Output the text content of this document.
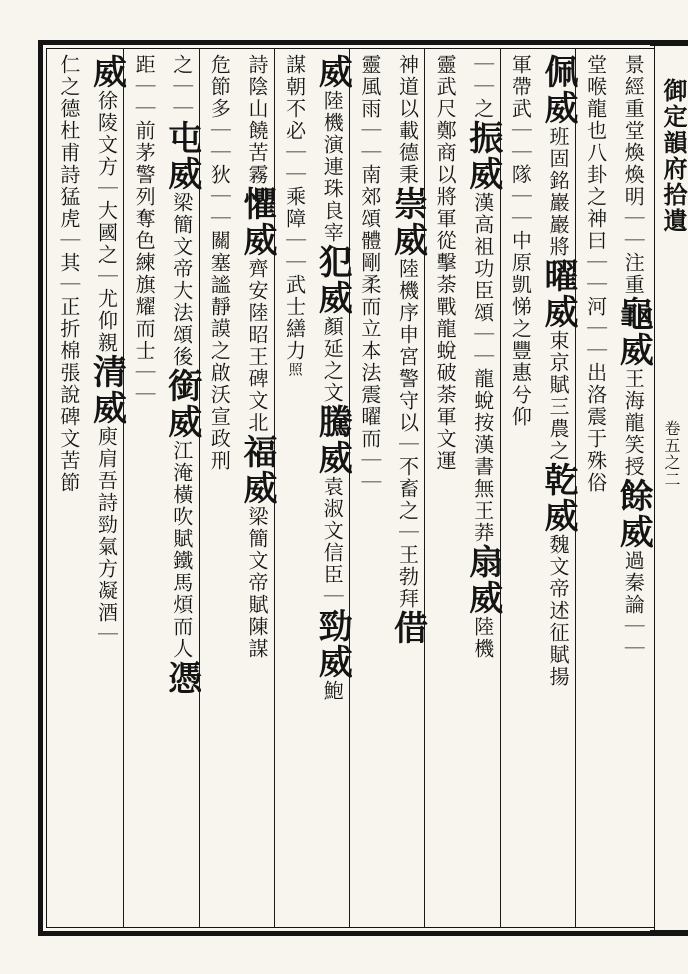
御定韻府拾遺
卷五之二
景經重堂煥煥明｜｜注重龜威王海龍笑授餘威過秦論｜｜
堂喉龍也八卦之神曰｜｜河｜｜出洛震于殊俗
佩威班固銘巖巖將曜威束京賦三農之乾威魏文帝述征賦揚
軍帶武｜｜隊｜｜中原凱悌之豐惠兮仰
｜｜之振威漢高祖功臣頌｜｜龍蛻按漢書無王莽扇威陸機
靈武尺鄭商以將軍從擊荼戰龍蛻破荼軍文運
神道以載德秉崇威陸機序申宮警守以｜不畜之｜王勃拜借
靈風雨｜｜南郊頌體剛柔而立本法震曜而｜｜
威陸機演連珠良宰犯威顏延之文騰威袁淑文信臣｜勁威鮑
謀朝不必｜｜乘障｜｜武士繕力照
詩陰山饒苦霧懼威齊安陸昭王碑文北福威梁簡文帝賦陳謀
危節多｜｜狄｜｜關塞謐靜謨之啟沃宣政刑
之｜｜屯威梁簡文帝大法頌後銜威江淹橫吹賦鐵馬煩而人憑
距｜｜前茅警列奪色練旗耀而士｜｜
威徐陵文方｜大國之｜尤仰親清威庾肩吾詩勁氣方凝酒｜
仁之德杜甫詩猛虎｜其｜正折棉張說碑文苦節
